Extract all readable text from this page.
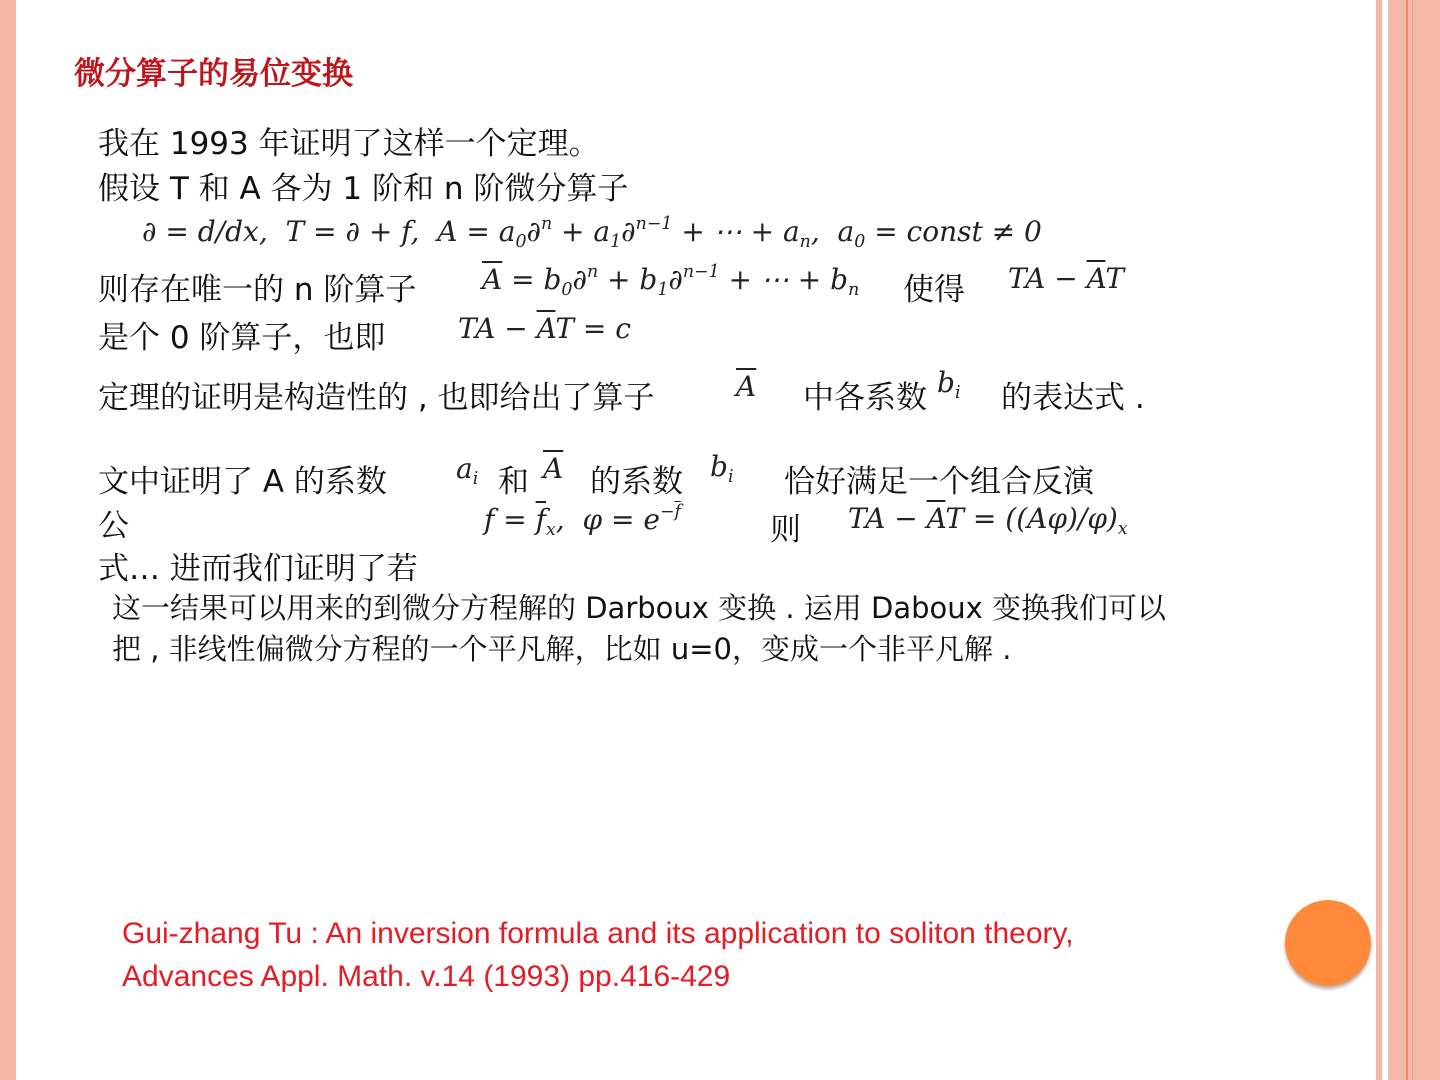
微分算子的易位变换
我在 1993 年证明了这样一个定理。
假设 T 和 A 各为 1 阶和 n 阶微分算子
∂ = d/dx,  T = ∂ + f,  $A = a_0\partial^n + a_1\partial^{n-1}$ + ⋯ + $a_n$,  $a_0$ = const ≠ 0
则存在唯一的 n 阶算子 $\overline{A} = b_0\partial^n + b_1\partial^{n-1}$ + ⋯ + $b_n$ 使得 TA − $\overline{A}T$
是个 0 阶算子，也即	TA − $\overline{A}T = c$
定理的证明是构造性的 , 也即给出了算子	$\overline{A}$ 中各系数 $b_i$ 的表达式 .
文中证明了 A 的系数 $a_i$ 和 $\overline{A}$ 的系数 $b_i$ 恰好满足一个组合反演
公	$f = \overline{f}_x$,  $\varphi = e^{-\overline{f}}$	则 TA − $\overline{A}T = ((A\varphi)/\varphi)_x$
式… 进而我们证明了若
这一结果可以用来的到微分方程解的 Darboux 变换 . 运用 Daboux 变换我们可以把 , 非线性偏微分方程的一个平凡解，比如 u=0，变成一个非平凡解 .
Gui-zhang Tu : An inversion formula and its application to soliton theory, Advances Appl. Math. v.14 (1993) pp.416-429
